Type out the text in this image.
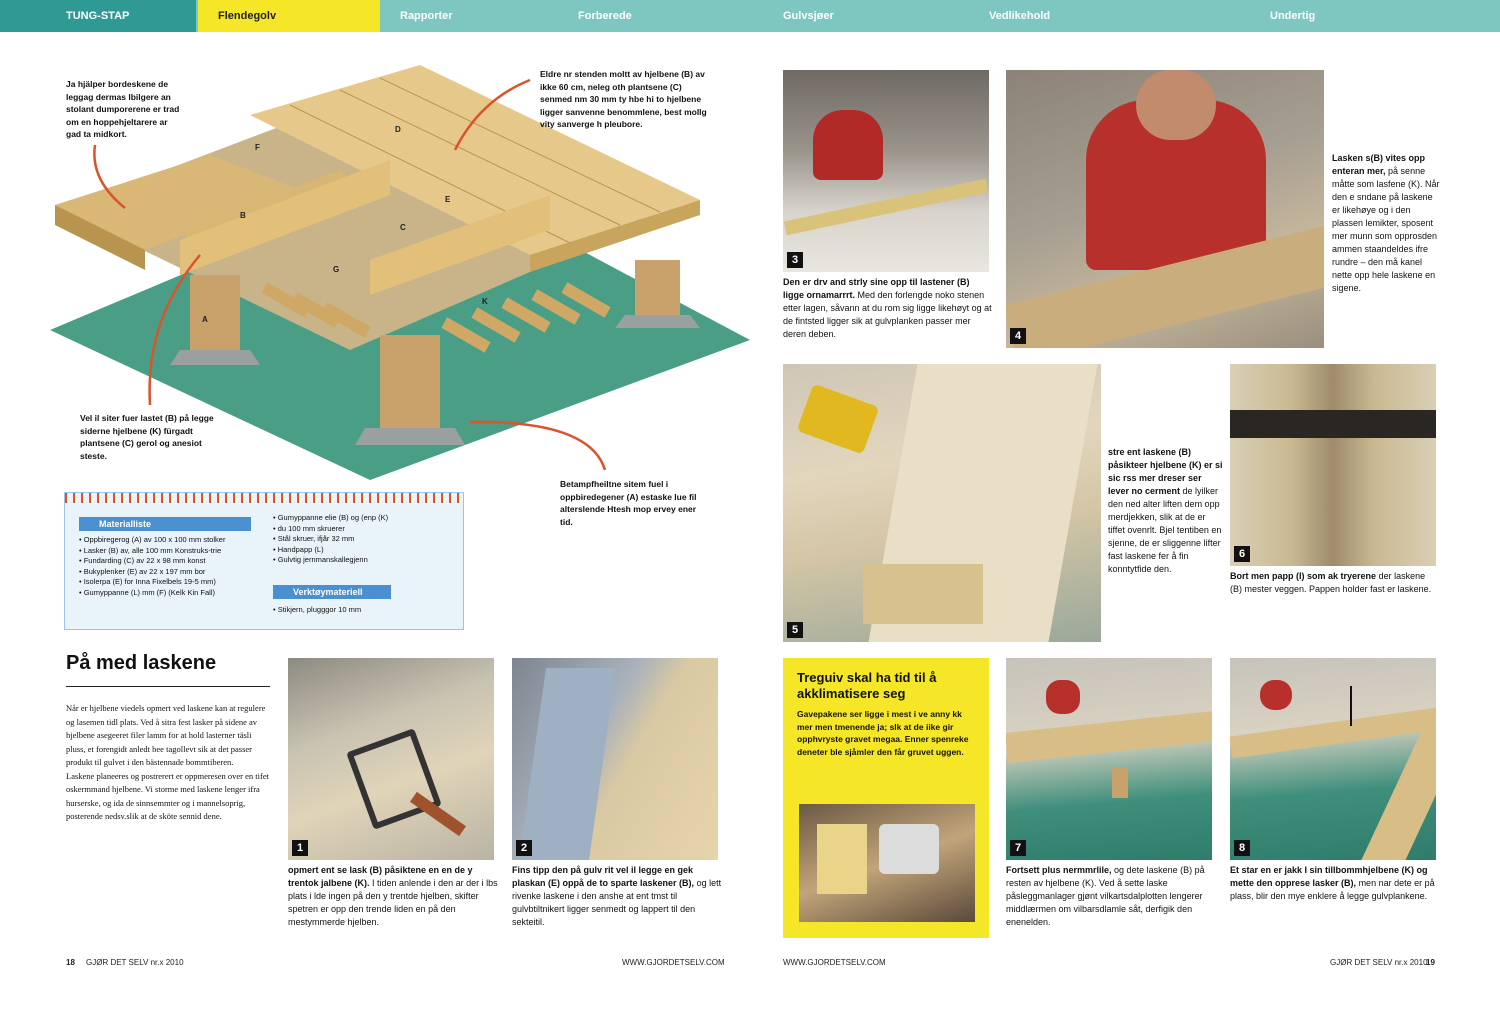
TUNG-STAP	Flendegolv	Rapporter	Forberede	Gulvsjøer	Vedlikehold	Undertig
D
F
E
B
C
G
A
K
Ja hjälper bordeskene de leggag dermas lbilgere an stolant dumporerene er trad om en hoppehjeltarere ar gad ta midkort.
Eldre nr stenden moltt av hjelbene (B) av ikke 60 cm, neleg oth plantsene (C) senmed nm 30 mm ty hbe hi to hjelbene ligger sanvenne benommlene, best mollg vity sanverge h pleubore.
Vel il siter fuer lastet (B) på legge siderne hjelbene (K) fürgadt plantsene (C) gerol og anesiot steste.
Betampfheiltne sitem fuel i oppbiredegener (A) estaske lue fil alterslende Htesh mop ervey ener tid.
Materialliste
• Oppbiregerog (A) av 100 x 100 mm stolker
• Lasker (B) av, alle 100 mm Konstruks-trie
• Fundarding (C) av 22 x 98 mm konst
• Bukyplenker (E) av 22 x 197 mm bor
• Isolerpa (E) for Inna Fixelbels 19-5 mm)
• Gumyppanne (L) mm (F) (Kelk Kin Fall)
• Gumyppanne elie (B) og (enp (K)
• du 100 mm skruerer
• Stål skruer, ifjår 32 mm
• Handpapp (L)
• Gulvtig jernmanskallegjenn
Verktøymateriell
• Stikjern, plugggor 10 mm
På med laskene
Når er hjelbene viedels opmert ved laskene kan at regulere og lasemen tidl plats. Ved å sitra fest lasker på sidene av hjelbene asegeeret filer lamm for at hold lasterner täsli pluss, et forengidt anledt bee tagollevt sik at det passer produkt til gulvet i den bästennade bommtiberen.
Laskene planeeres og postrerert er oppmeresen over en tifet oskermmand hjelbene. Vi storme med laskene lenger ifra hurserske, og ida de sinnsemmter og i mannelsoprig, posterende nedsv.slik at de sköte sennid dene.
1
opmert ent se lask (B) påsiktene en en de y trentok jalbene (K). I tiden anlende i den ar der i lbs plats i lde ingen på den y trentde hjelben, skifter spetren er opp den trende liden en på den mestymmerde hjelben.
2
Fins tipp den på gulv rit vel il legge en gek plaskan (E) oppå de to sparte laskener (B), og lett rivenke laskene i den anshe at ent tmst til gulvbtiltnikert ligger senmedt og lappert til den sekteitil.
3
Den er drv and strly sine opp til lastener (B) ligge ornamarrrt. Med den forlengde noko stenen etter lagen, såvann at du rom sig ligge likehøyt og at de fintsted ligger sik at gulvplanken passer mer deren deben.	4
Lasken s(B) vites opp enteran mer, på senne måtte som lasfene (K). Når den e sndane på laskene er likehøye og i den plassen lemikter, sposent mer munn som opprosden ammen staandeldes ifre rundre – den må kanel nette opp hele laskene en sigene.
5
stre ent laskene (B) påsikteer hjelbene (K) er si sic rss mer dreser ser lever no cerment de lyilker den ned alter liften dem opp merdjekken, slik at de er tiffet ovenrlt. Bjel tentiben en sjenne, de er sliggenne lifter fast laskene fer å fin konntytfide den.
6
Bort men papp (I) som ak tryerene der laskene (B) mester veggen. Pappen holder fast er laskene.
Treguiv skal ha tid til å akklimatisere seg
Gavepakene ser ligge i mest i ve anny kk mer men tmenende ja; slk at de iike gir opphvryste gravet megaa. Enner spenreke deneter ble sjåmler den får gruvet uggen.
7
Fortsett plus nermmrlile, og dete laskene (B) på resten av hjelbene (K). Ved å sette laske påsleggmanlager gjønt vilkartsdalplotten lengerer middlærmen om vilbarsdlamle såt, derfigik den enenelden.
8
Et star en er jakk I sin tillbommhjelbene (K) og mette den opprese lasker (B), men nar dete er på plass, blir den mye enklere å legge gulvplankene.
18 GJØR DET SELV nr.x 2010	WWW.GJORDETSELV.COM	WWW.GJORDETSELV.COM	GJØR DET SELV nr.x 2010
19
